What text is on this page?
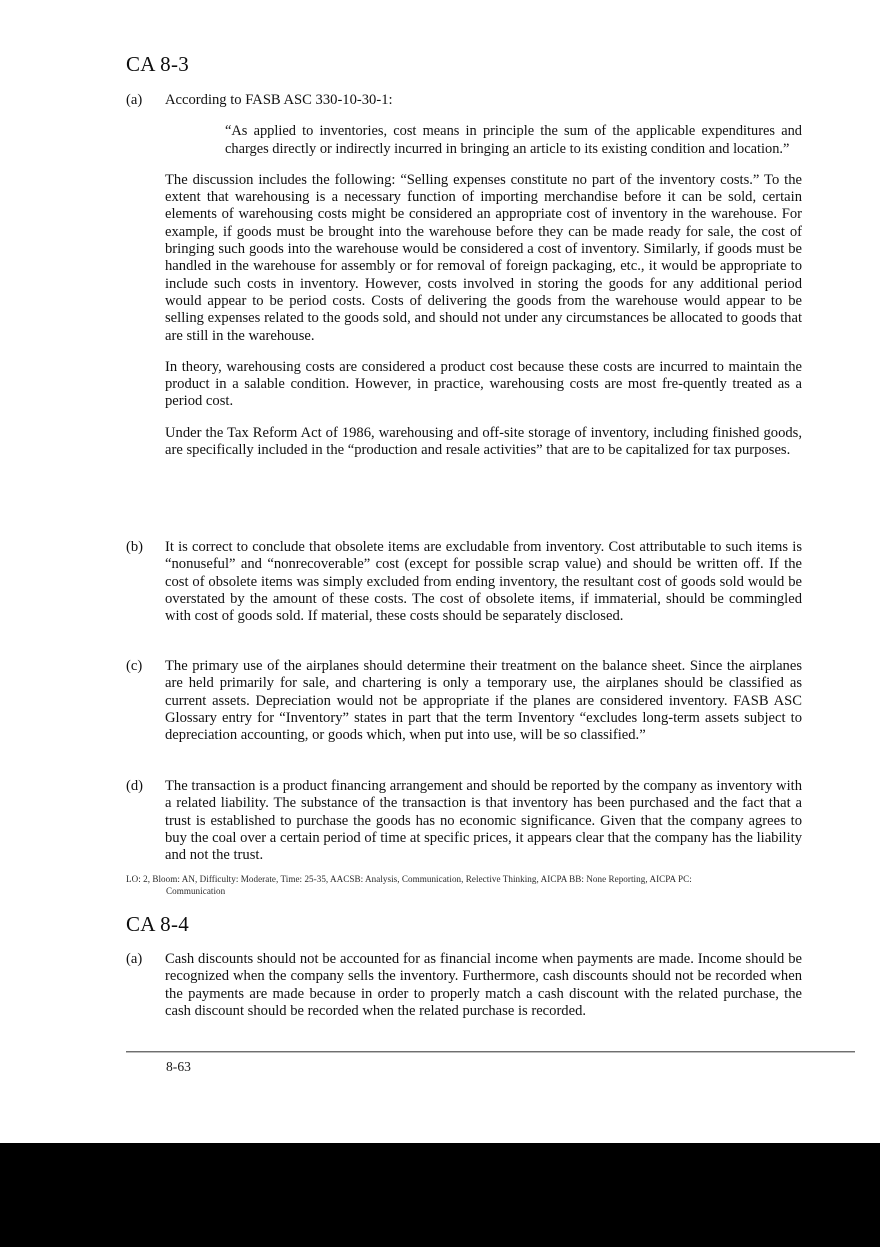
CA 8-3
(a)	According to FASB ASC 330-10-30-1:

“As applied to inventories, cost means in principle the sum of the applicable expenditures and charges directly or indirectly incurred in bringing an article to its existing condition and location.”

The discussion includes the following: “Selling expenses constitute no part of the inventory costs.” To the extent that warehousing is a necessary function of importing merchandise before it can be sold, certain elements of warehousing costs might be considered an appropriate cost of inventory in the warehouse. For example, if goods must be brought into the warehouse before they can be made ready for sale, the cost of bringing such goods into the warehouse would be considered a cost of inventory. Similarly, if goods must be handled in the warehouse for assembly or for removal of foreign packaging, etc., it would be appropriate to include such costs in inventory. However, costs involved in storing the goods for any additional period would appear to be period costs. Costs of delivering the goods from the warehouse would appear to be selling expenses related to the goods sold, and should not under any circumstances be allocated to goods that are still in the warehouse.

In theory, warehousing costs are considered a product cost because these costs are incurred to maintain the product in a salable condition. However, in practice, warehousing costs are most fre-quently treated as a period cost.

Under the Tax Reform Act of 1986, warehousing and off-site storage of inventory, including finished goods, are specifically included in the “production and resale activities” that are to be capitalized for tax purposes.

(b)	It is correct to conclude that obsolete items are excludable from inventory. Cost attributable to such items is “nonuseful” and “nonrecoverable” cost (except for possible scrap value) and should be written off. If the cost of obsolete items was simply excluded from ending inventory, the resultant cost of goods sold would be overstated by the amount of these costs. The cost of obsolete items, if immaterial, should be commingled with cost of goods sold. If material, these costs should be separately disclosed.

(c)	The primary use of the airplanes should determine their treatment on the balance sheet. Since the airplanes are held primarily for sale, and chartering is only a temporary use, the airplanes should be classified as current assets. Depreciation would not be appropriate if the planes are considered inventory. FASB ASC Glossary entry for “Inventory” states in part that the term Inventory “excludes long-term assets subject to depreciation accounting, or goods which, when put into use, will be so classified.”

(d)	The transaction is a product financing arrangement and should be reported by the company as inventory with a related liability. The substance of the transaction is that inventory has been purchased and the fact that a trust is established to purchase the goods has no economic significance. Given that the company agrees to buy the coal over a certain period of time at specific prices, it appears clear that the company has the liability and not the trust.

LO: 2, Bloom: AN, Difficulty: Moderate, Time: 25-35, AACSB: Analysis, Communication, Relective Thinking, AICPA BB: None Reporting, AICPA PC:
Communication
CA 8-4
(a)	Cash discounts should not be accounted for as financial income when payments are made. Income should be recognized when the company sells the inventory. Furthermore, cash discounts should not be recorded when the payments are made because in order to properly match a cash discount with the related purchase, the cash discount should be recorded when the related purchase is recorded.

8-63
